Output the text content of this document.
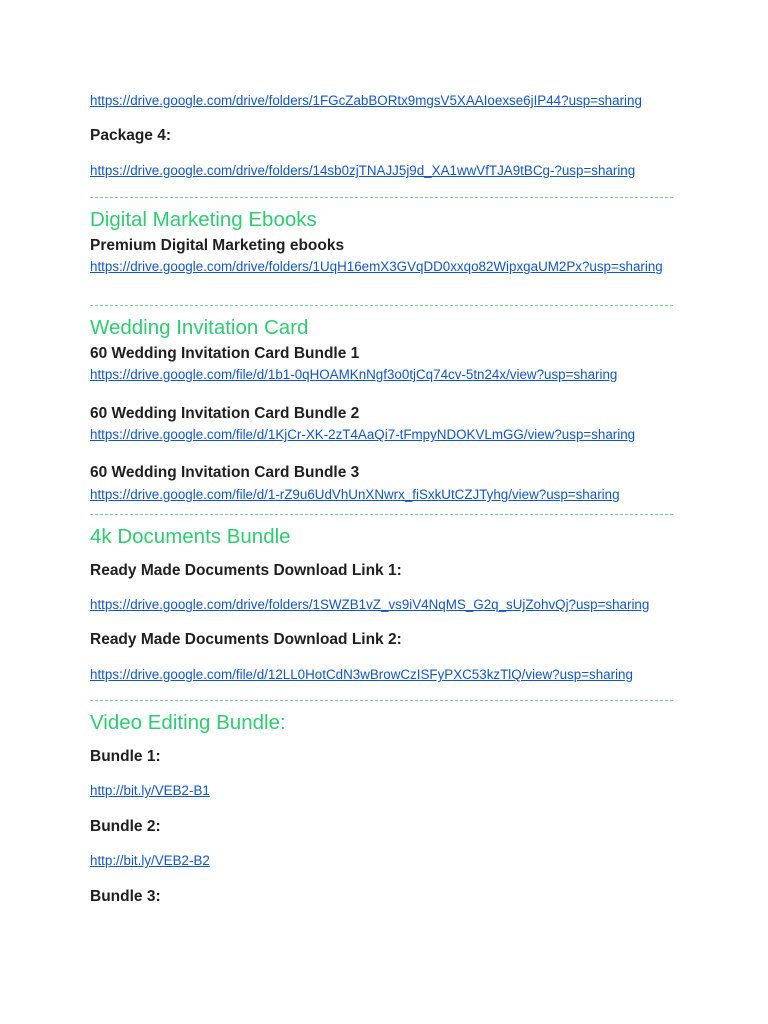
https://drive.google.com/drive/folders/1FGcZabBORtx9mgsV5XAAIoexse6jIP44?usp=sharing
Package 4:
https://drive.google.com/drive/folders/14sb0zjTNAJJ5j9d_XA1wwVfTJA9tBCg-?usp=sharing
Digital Marketing Ebooks
Premium Digital Marketing ebooks
https://drive.google.com/drive/folders/1UqH16emX3GVqDD0xxqo82WipxgaUM2Px?usp=sharing
Wedding Invitation Card
60 Wedding Invitation Card Bundle 1
https://drive.google.com/file/d/1b1-0qHOAMKnNgf3o0tjCq74cv-5tn24x/view?usp=sharing
60 Wedding Invitation Card Bundle 2
https://drive.google.com/file/d/1KjCr-XK-2zT4AaQi7-tFmpyNDOKVLmGG/view?usp=sharing
60 Wedding Invitation Card Bundle 3
https://drive.google.com/file/d/1-rZ9u6UdVhUnXNwrx_fiSxkUtCZJTyhg/view?usp=sharing
4k Documents Bundle
Ready Made Documents Download Link 1:
https://drive.google.com/drive/folders/1SWZB1vZ_vs9iV4NqMS_G2q_sUjZohvQj?usp=sharing
Ready Made Documents Download Link 2:
https://drive.google.com/file/d/12LL0HotCdN3wBrowCzISFyPXC53kzTlQ/view?usp=sharing
Video Editing Bundle:
Bundle 1:
http://bit.ly/VEB2-B1
Bundle 2:
http://bit.ly/VEB2-B2
Bundle 3:
